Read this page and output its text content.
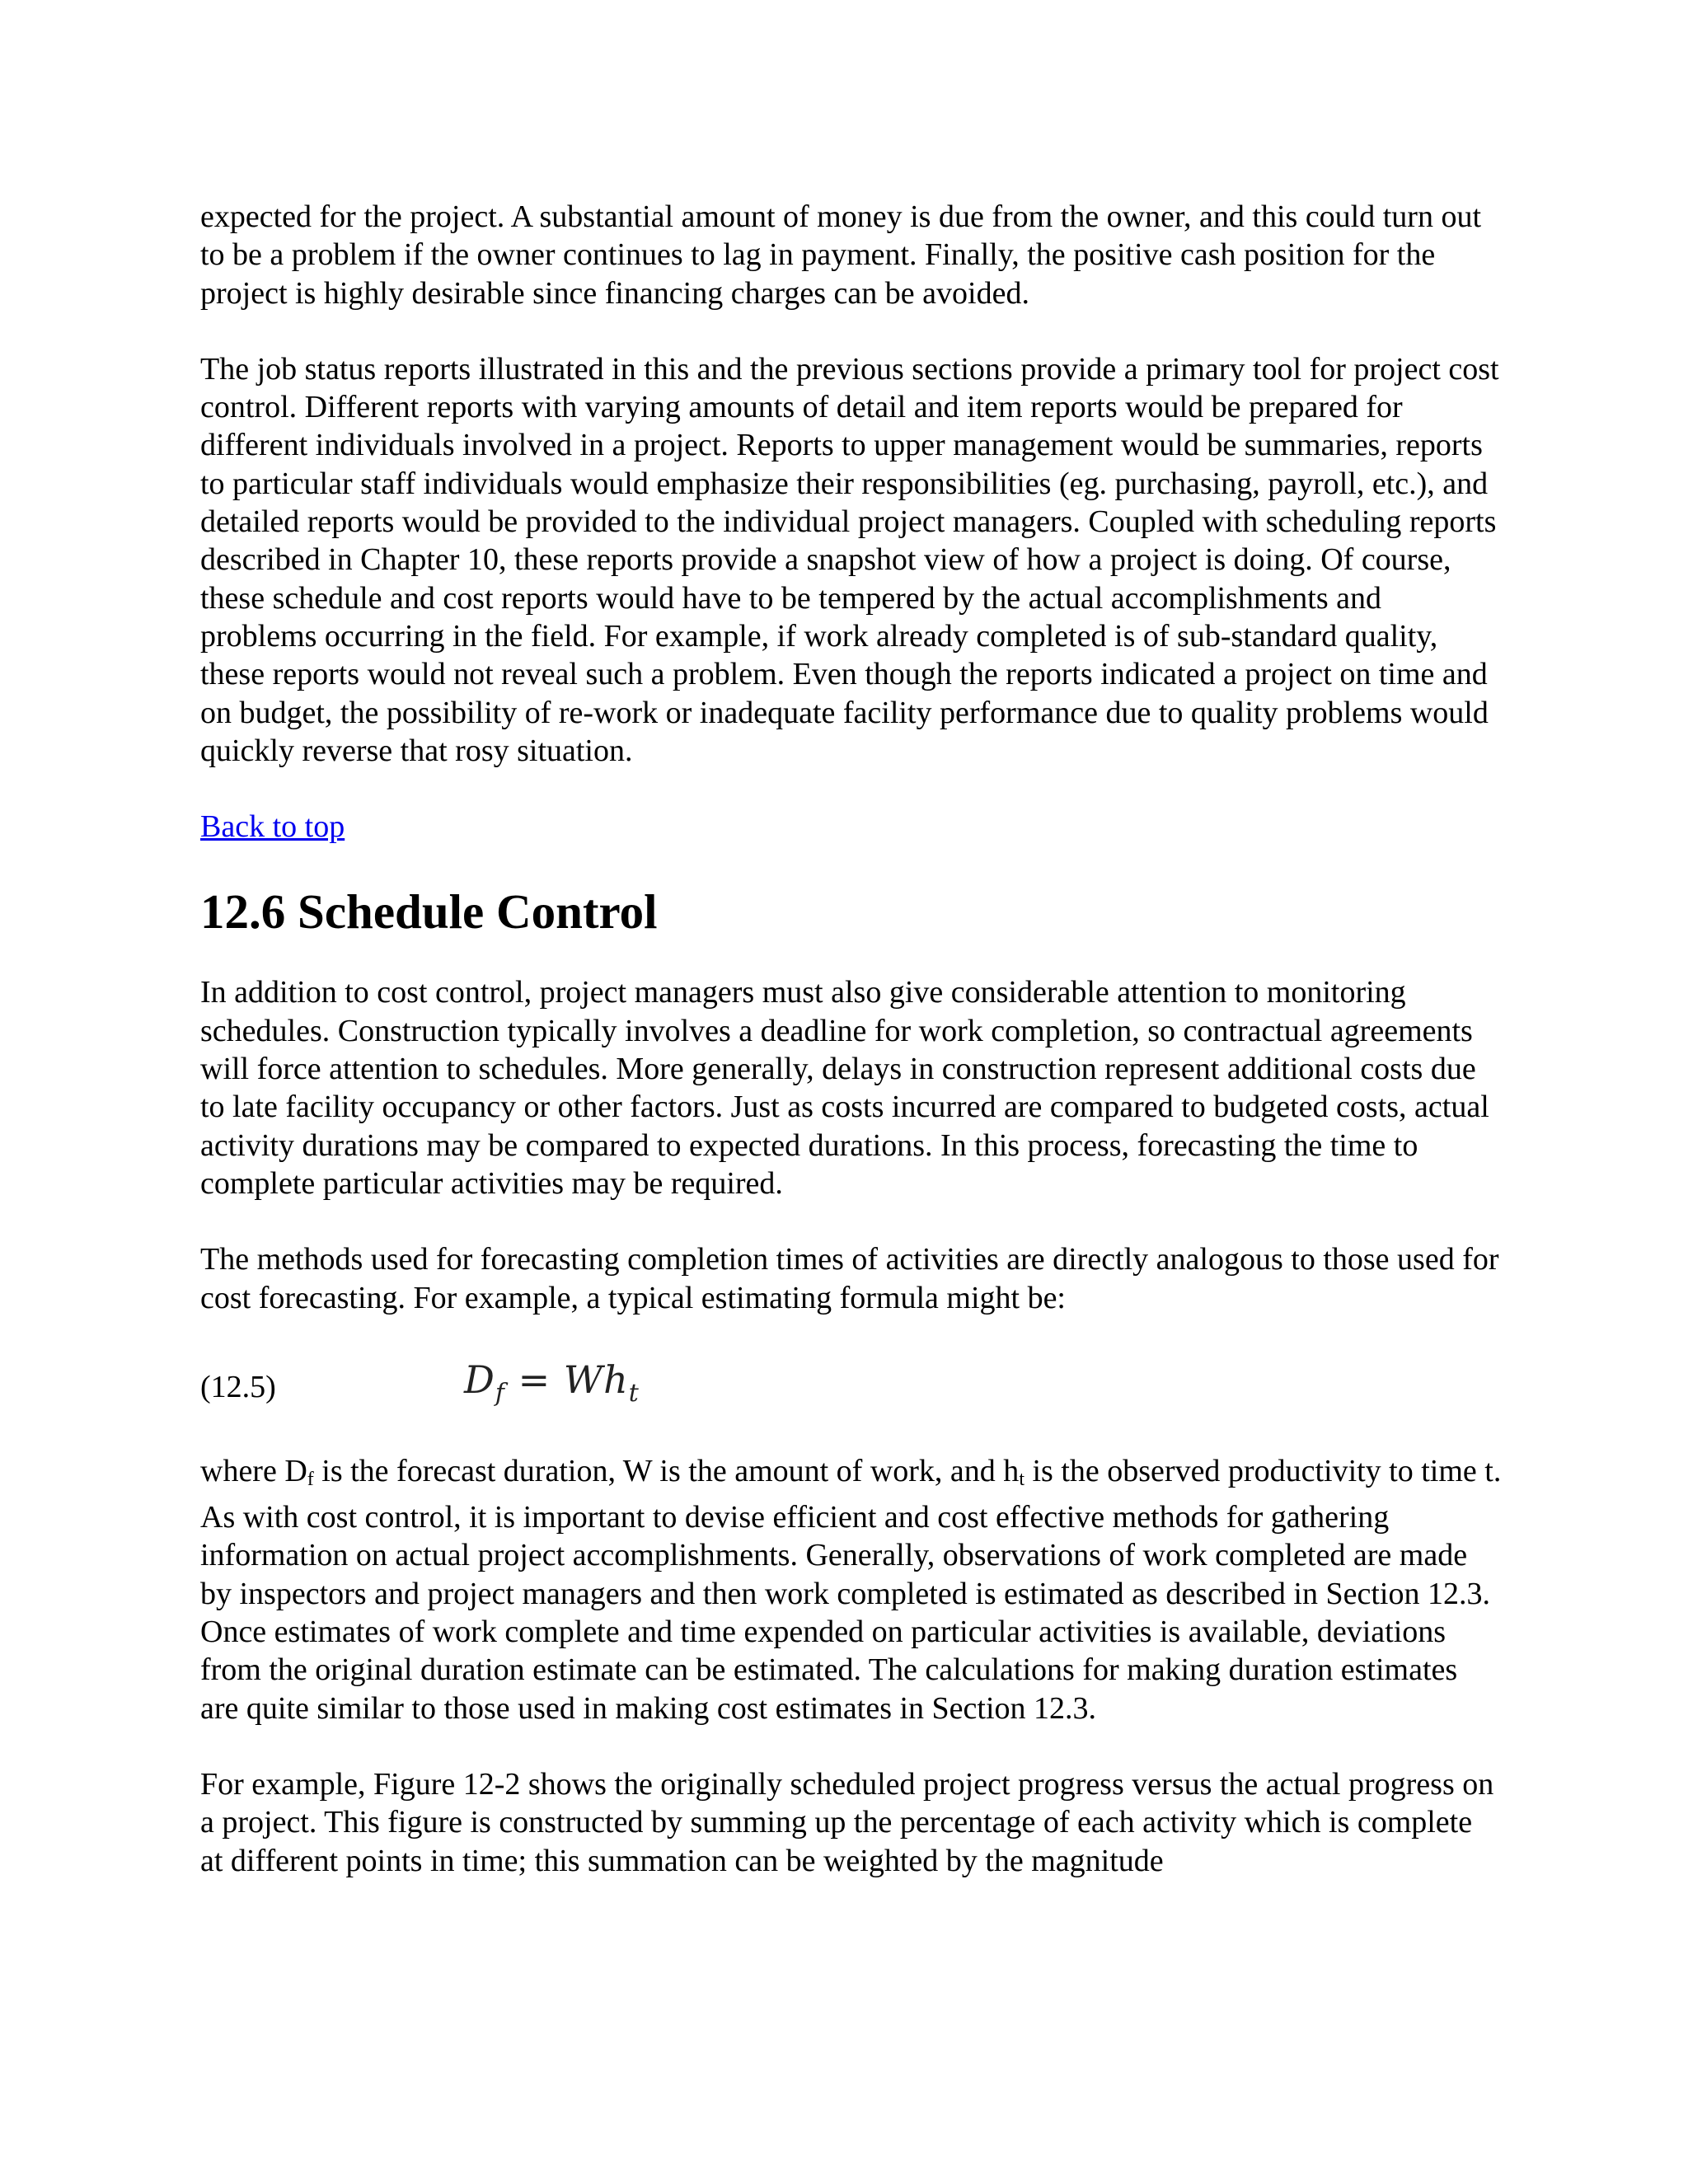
expected for the project. A substantial amount of money is due from the owner, and this could turn out to be a problem if the owner continues to lag in payment. Finally, the positive cash position for the project is highly desirable since financing charges can be avoided.

The job status reports illustrated in this and the previous sections provide a primary tool for project cost control. Different reports with varying amounts of detail and item reports would be prepared for different individuals involved in a project. Reports to upper management would be summaries, reports to particular staff individuals would emphasize their responsibilities (eg. purchasing, payroll, etc.), and detailed reports would be provided to the individual project managers. Coupled with scheduling reports described in Chapter 10, these reports provide a snapshot view of how a project is doing. Of course, these schedule and cost reports would have to be tempered by the actual accomplishments and problems occurring in the field. For example, if work already completed is of sub-standard quality, these reports would not reveal such a problem. Even though the reports indicated a project on time and on budget, the possibility of re-work or inadequate facility performance due to quality problems would quickly reverse that rosy situation.

Back to top

12.6 Schedule Control

In addition to cost control, project managers must also give considerable attention to monitoring schedules. Construction typically involves a deadline for work completion, so contractual agreements will force attention to schedules. More generally, delays in construction represent additional costs due to late facility occupancy or other factors. Just as costs incurred are compared to budgeted costs, actual activity durations may be compared to expected durations. In this process, forecasting the time to complete particular activities may be required.

The methods used for forecasting completion times of activities are directly analogous to those used for cost forecasting. For example, a typical estimating formula might be:

(12.5)	$D_f = Wh_t$

where $D_f$ is the forecast duration, W is the amount of work, and $h_t$ is the observed productivity to time t. As with cost control, it is important to devise efficient and cost effective methods for gathering information on actual project accomplishments. Generally, observations of work completed are made by inspectors and project managers and then work completed is estimated as described in Section 12.3. Once estimates of work complete and time expended on particular activities is available, deviations from the original duration estimate can be estimated. The calculations for making duration estimates are quite similar to those used in making cost estimates in Section 12.3.

For example, Figure 12-2 shows the originally scheduled project progress versus the actual progress on a project. This figure is constructed by summing up the percentage of each activity which is complete at different points in time; this summation can be weighted by the magnitude
